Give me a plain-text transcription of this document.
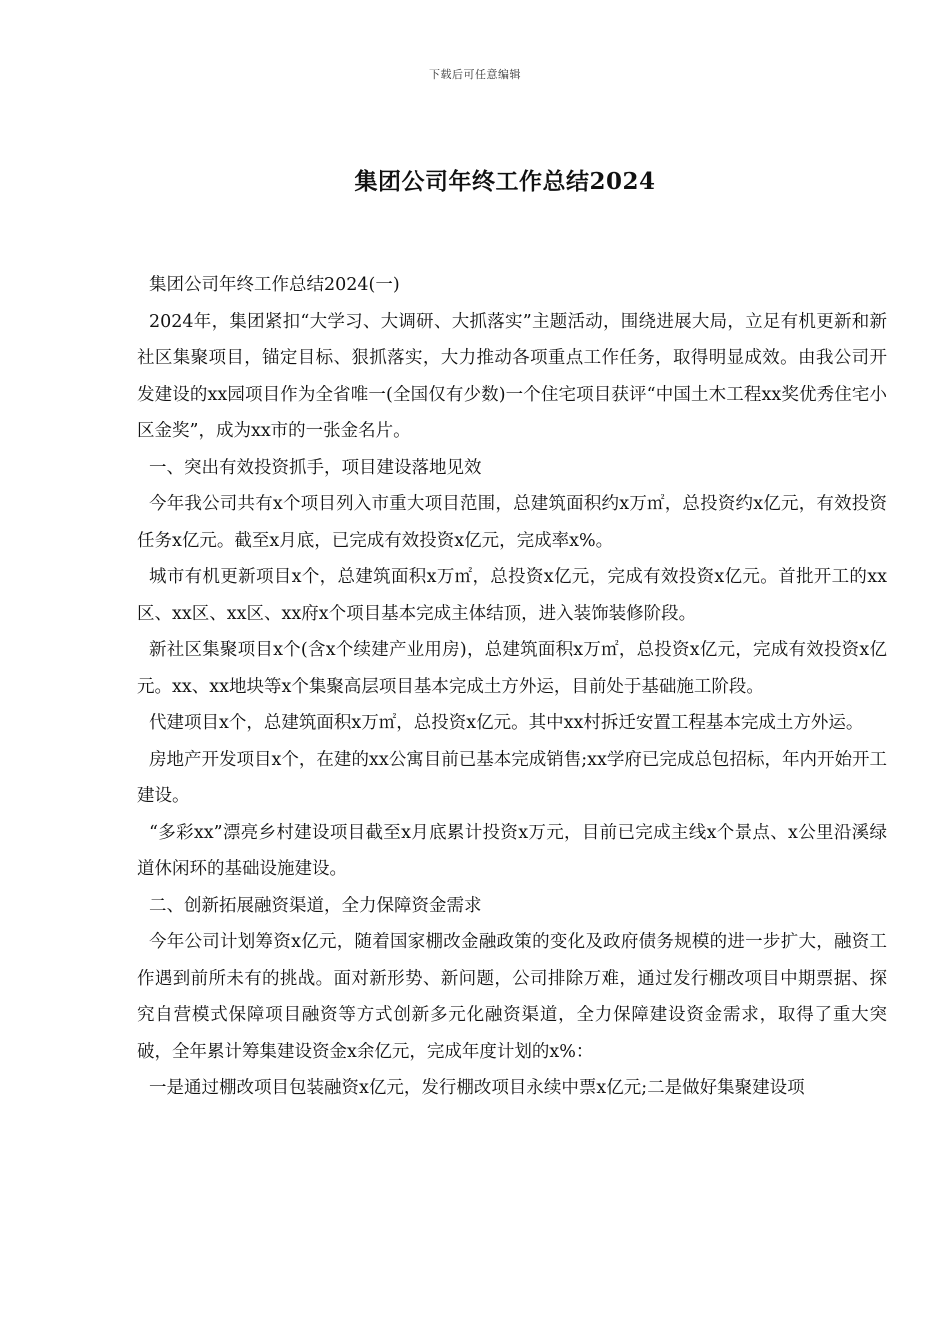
下载后可任意编辑
集团公司年终工作总结2024

集团公司年终工作总结2024(一)

2024年，集团紧扣“大学习、大调研、大抓落实”主题活动，围绕进展大局，立足有机更新和新社区集聚项目，锚定目标、狠抓落实，大力推动各项重点工作任务，取得明显成效。由我公司开发建设的xx园项目作为全省唯一(全国仅有少数)一个住宅项目获评“中国土木工程xx奖优秀住宅小区金奖”，成为xx市的一张金名片。

一、突出有效投资抓手，项目建设落地见效

今年我公司共有x个项目列入市重大项目范围，总建筑面积约x万㎡，总投资约x亿元，有效投资任务x亿元。截至x月底，已完成有效投资x亿元，完成率x%。

城市有机更新项目x个，总建筑面积x万㎡，总投资x亿元，完成有效投资x亿元。首批开工的xx区、xx区、xx区、xx府x个项目基本完成主体结顶，进入装饰装修阶段。

新社区集聚项目x个(含x个续建产业用房)，总建筑面积x万㎡，总投资x亿元，完成有效投资x亿元。xx、xx地块等x个集聚高层项目基本完成土方外运，目前处于基础施工阶段。

代建项目x个，总建筑面积x万㎡，总投资x亿元。其中xx村拆迁安置工程基本完成土方外运。

房地产开发项目x个，在建的xx公寓目前已基本完成销售;xx学府已完成总包招标，年内开始开工建设。

“多彩xx”漂亮乡村建设项目截至x月底累计投资x万元，目前已完成主线x个景点、x公里沿溪绿道休闲环的基础设施建设。

二、创新拓展融资渠道，全力保障资金需求

今年公司计划筹资x亿元，随着国家棚改金融政策的变化及政府债务规模的进一步扩大，融资工作遇到前所未有的挑战。面对新形势、新问题，公司排除万难，通过发行棚改项目中期票据、探究自营模式保障项目融资等方式创新多元化融资渠道，全力保障建设资金需求，取得了重大突破，全年累计筹集建设资金x余亿元，完成年度计划的x%：

一是通过棚改项目包装融资x亿元，发行棚改项目永续中票x亿元;二是做好集聚建设项
